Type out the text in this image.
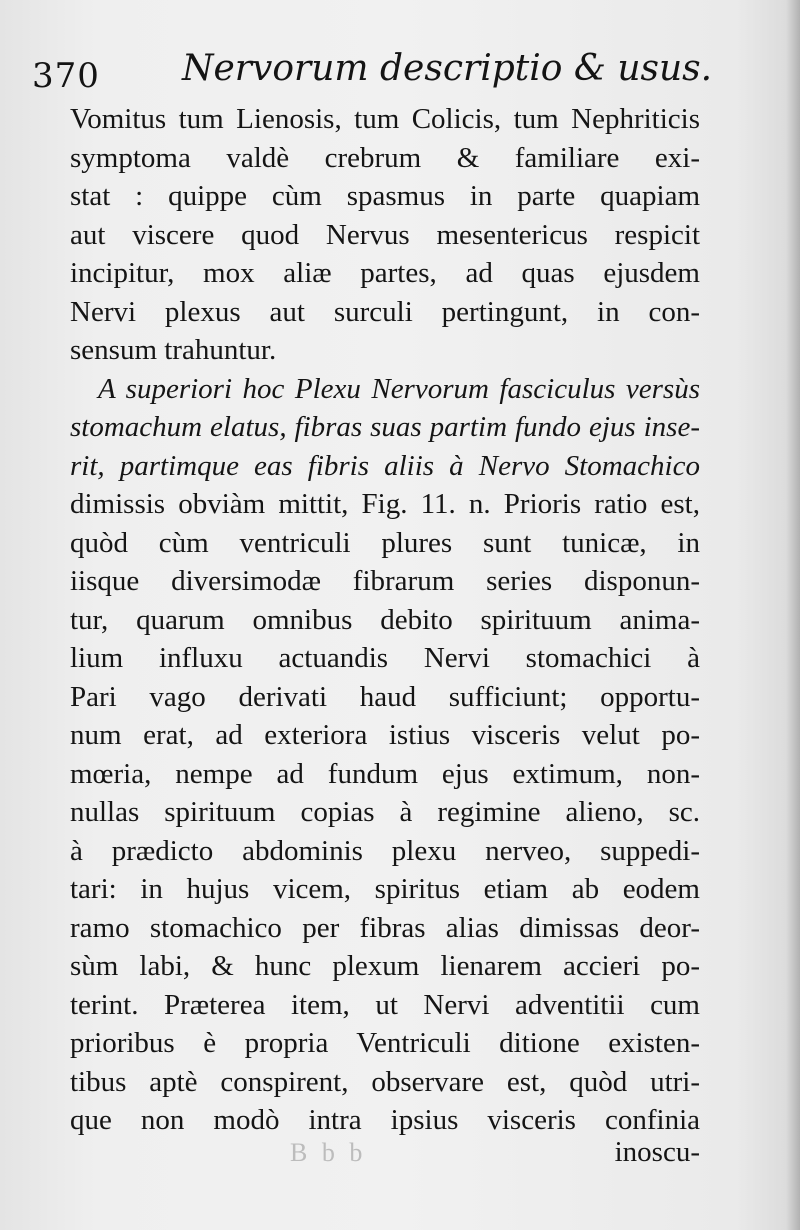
370 Nervorum descriptio & usus.
Vomitus tum Lienosis, tum Colicis, tum Nephriticis
symptoma valdè crebrum & familiare exi-
stat : quippe cùm spasmus in parte quapiam
aut viscere quod Nervus mesentericus respicit
incipitur, mox aliæ partes, ad quas ejusdem
Nervi plexus aut surculi pertingunt, in con-
sensum trahuntur.
A superiori hoc Plexu Nervorum fasciculus versùs
stomachum elatus, fibras suas partim fundo ejus inse-
rit, partimque eas fibris aliis à Nervo Stomachico
dimissis obviàm mittit, Fig. 11. n. Prioris ratio est,
quòd cùm ventriculi plures sunt tunicæ, in
iisque diversimodæ fibrarum series disponun-
tur, quarum omnibus debito spirituum anima-
lium influxu actuandis Nervi stomachici à
Pari vago derivati haud sufficiunt; opportu-
num erat, ad exteriora istius visceris velut po-
mœria, nempe ad fundum ejus extimum, non-
nullas spirituum copias à regimine alieno, sc.
à prædicto abdominis plexu nerveo, suppedi-
tari: in hujus vicem, spiritus etiam ab eodem
ramo stomachico per fibras alias dimissas deor-
sùm labi, & hunc plexum lienarem accieri po-
terint. Præterea item, ut Nervi adventitii cum
prioribus è propria Ventriculi ditione existen-
tibus aptè conspirent, observare est, quòd utri-
que non modò intra ipsius visceris confinia
B b b	inoscu-
